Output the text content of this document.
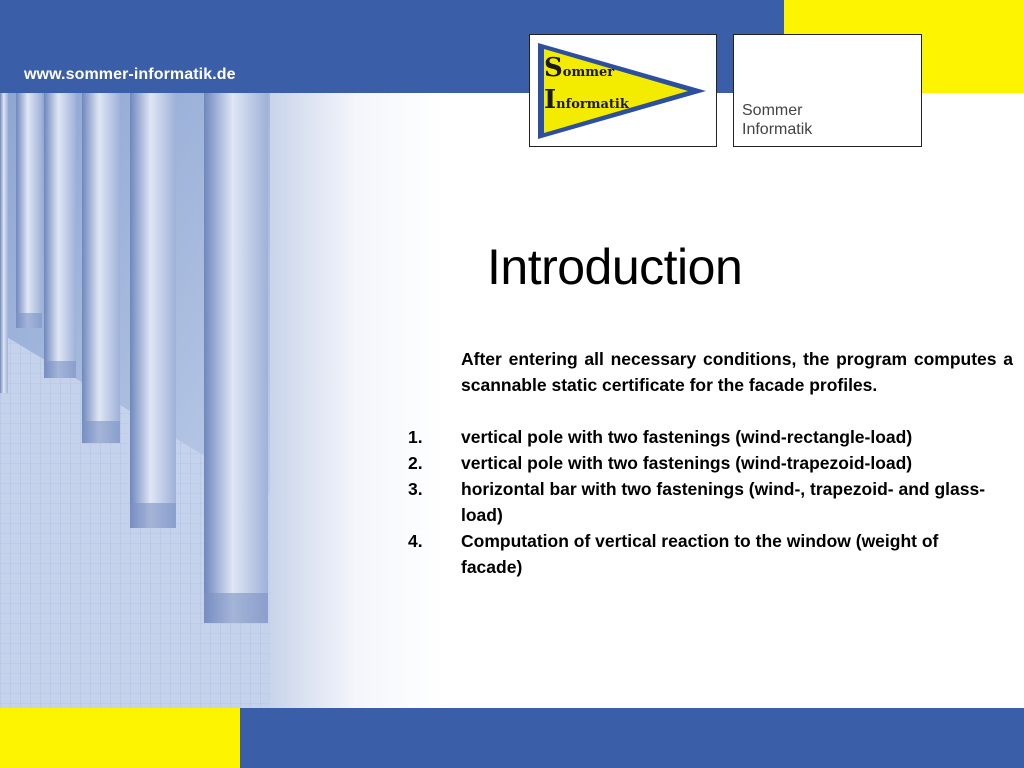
www.sommer-informatik.de	Sommer
Informatik	Sommer
Informatik
Introduction

After entering all necessary conditions, the program computes a scannable static certificate for the facade profiles.

1. vertical pole with two fastenings (wind-rectangle-load)
2. vertical pole with two fastenings (wind-trapezoid-load)
3. horizontal bar with two fastenings (wind-, trapezoid- and glass-load)
4. Computation of vertical reaction to the window (weight of facade)
